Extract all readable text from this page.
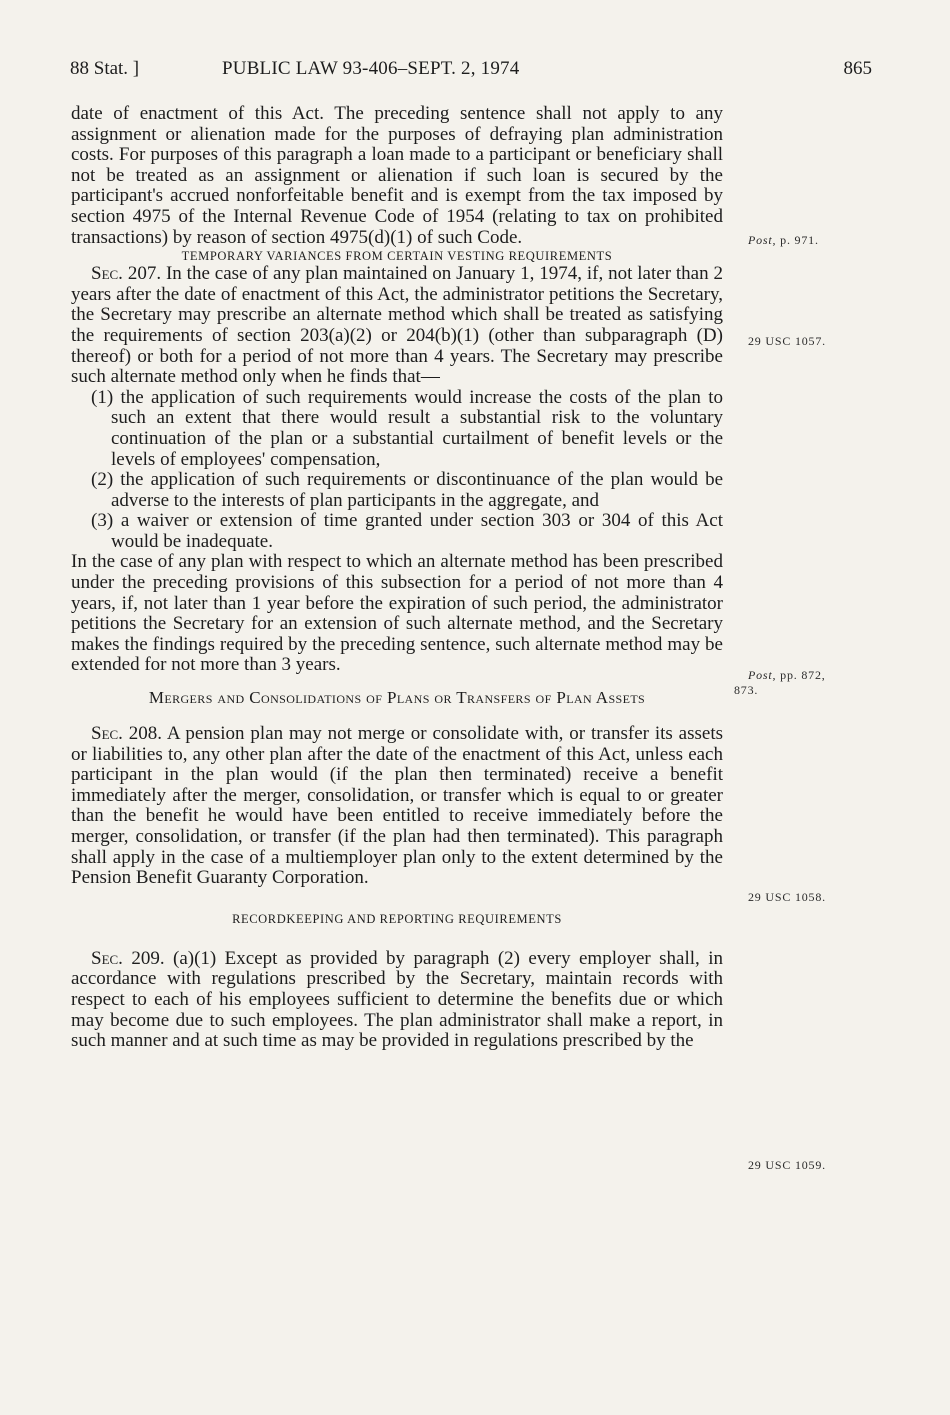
88 Stat. ]	PUBLIC LAW 93-406–SEPT. 2, 1974	865

date of enactment of this Act. The preceding sentence shall not apply to any assignment or alienation made for the purposes of defraying plan administration costs. For purposes of this paragraph a loan made to a participant or beneficiary shall not be treated as an assignment or alienation if such loan is secured by the participant's accrued nonforfeitable benefit and is exempt from the tax imposed by section 4975 of the Internal Revenue Code of 1954 (relating to tax on prohibited transactions) by reason of section 4975(d)(1) of such Code.

TEMPORARY VARIANCES FROM CERTAIN VESTING REQUIREMENTS

Sec. 207. In the case of any plan maintained on January 1, 1974, if, not later than 2 years after the date of enactment of this Act, the administrator petitions the Secretary, the Secretary may prescribe an alternate method which shall be treated as satisfying the requirements of section 203(a)(2) or 204(b)(1) (other than subparagraph (D) thereof) or both for a period of not more than 4 years. The Secretary may prescribe such alternate method only when he finds that—

(1) the application of such requirements would increase the costs of the plan to such an extent that there would result a substantial risk to the voluntary continuation of the plan or a substantial curtailment of benefit levels or the levels of employees' compensation,

(2) the application of such requirements or discontinuance of the plan would be adverse to the interests of plan participants in the aggregate, and

(3) a waiver or extension of time granted under section 303 or 304 of this Act would be inadequate.

In the case of any plan with respect to which an alternate method has been prescribed under the preceding provisions of this subsection for a period of not more than 4 years, if, not later than 1 year before the expiration of such period, the administrator petitions the Secretary for an extension of such alternate method, and the Secretary makes the findings required by the preceding sentence, such alternate method may be extended for not more than 3 years.

Mergers and Consolidations of Plans or Transfers of Plan Assets

Sec. 208. A pension plan may not merge or consolidate with, or transfer its assets or liabilities to, any other plan after the date of the enactment of this Act, unless each participant in the plan would (if the plan then terminated) receive a benefit immediately after the merger, consolidation, or transfer which is equal to or greater than the benefit he would have been entitled to receive immediately before the merger, consolidation, or transfer (if the plan had then terminated). This paragraph shall apply in the case of a multiemployer plan only to the extent determined by the Pension Benefit Guaranty Corporation.

RECORDKEEPING AND REPORTING REQUIREMENTS

Sec. 209. (a)(1) Except as provided by paragraph (2) every employer shall, in accordance with regulations prescribed by the Secretary, maintain records with respect to each of his employees sufficient to determine the benefits due or which may become due to such employees. The plan administrator shall make a report, in such manner and at such time as may be provided in regulations prescribed by the

Post, p. 971.
29 USC 1057.
Post, pp. 872,
873.
29 USC 1058.
29 USC 1059.
